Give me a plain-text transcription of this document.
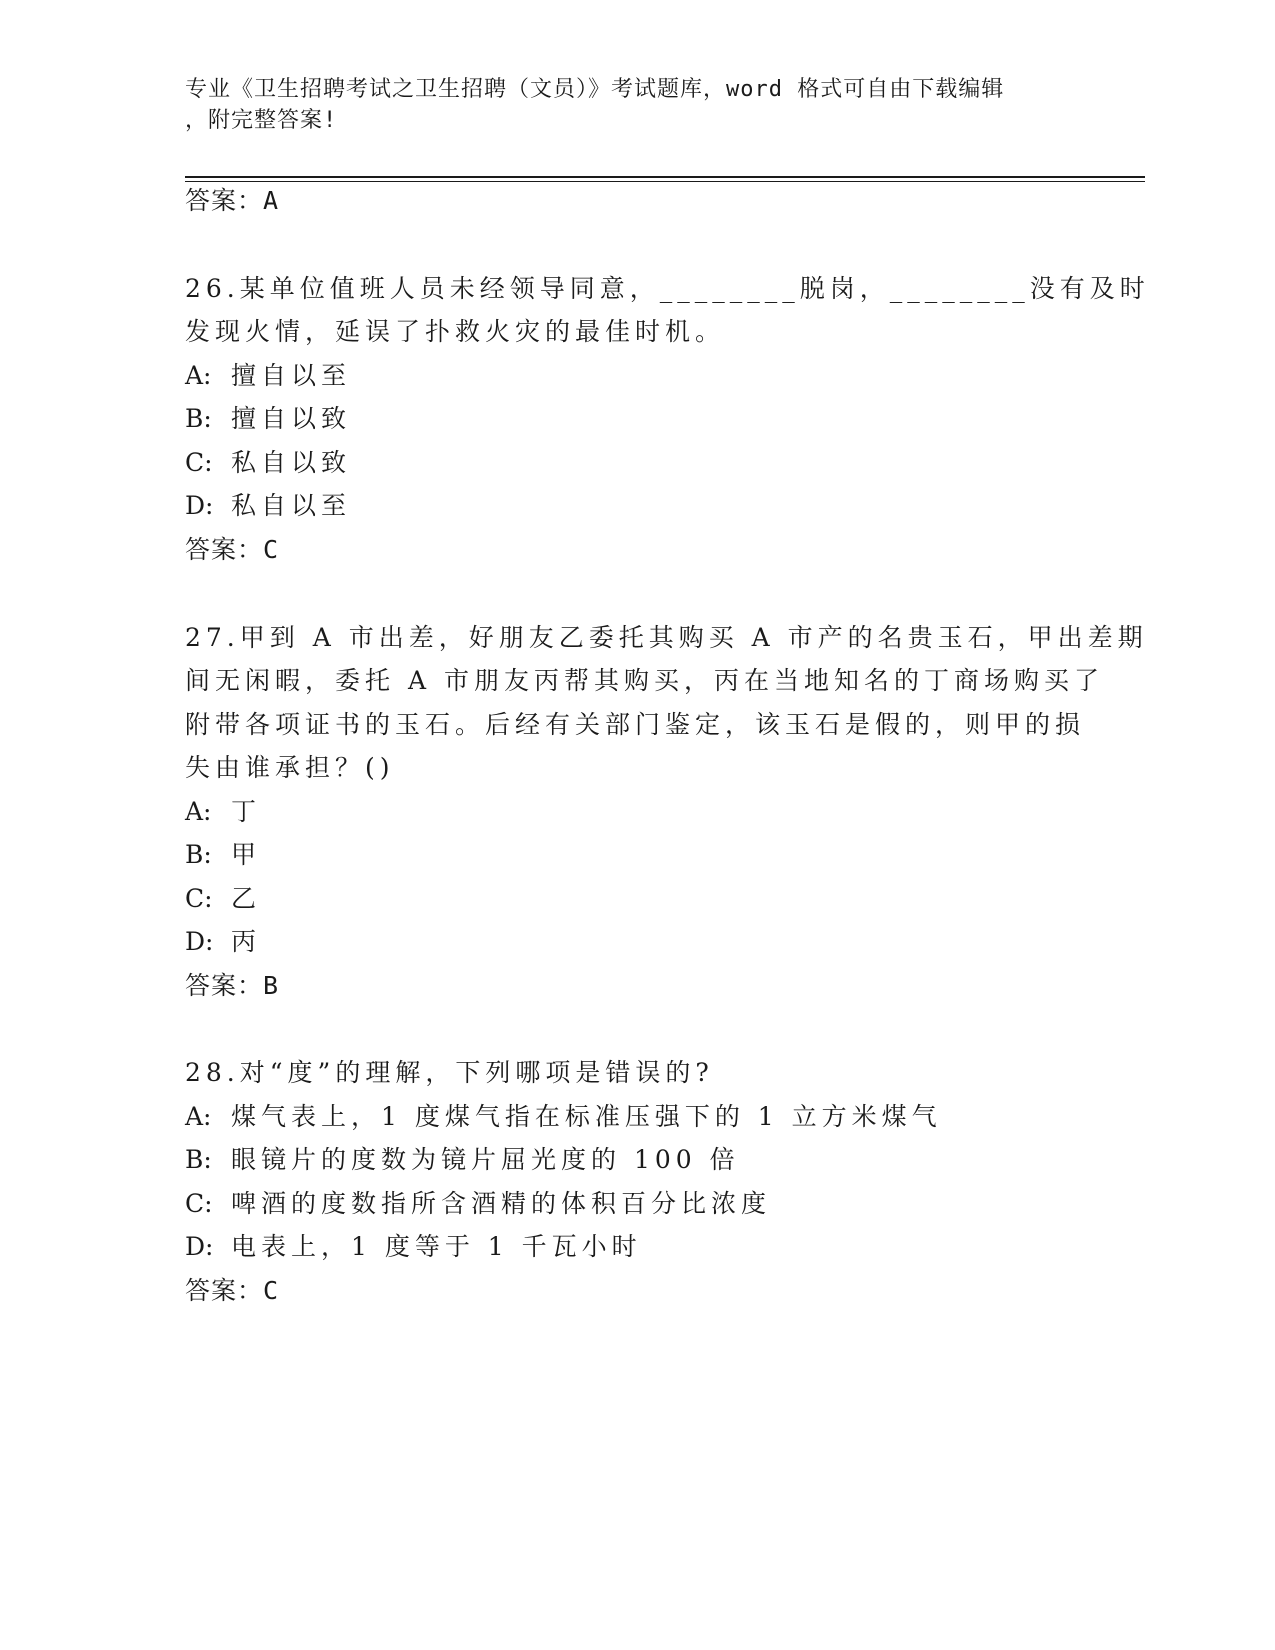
专业《卫生招聘考试之卫生招聘（文员）》考试题库，word 格式可自由下载编辑
，附完整答案!
答案：A
26.某单位值班人员未经领导同意，________脱岗，________没有及时
发现火情，延误了扑救火灾的最佳时机。
A: 擅自以至
B: 擅自以致
C: 私自以致
D: 私自以至
答案：C
27.甲到 A 市出差，好朋友乙委托其购买 A 市产的名贵玉石，甲出差期
间无闲暇，委托 A 市朋友丙帮其购买，丙在当地知名的丁商场购买了
附带各项证书的玉石。后经有关部门鉴定，该玉石是假的，则甲的损
失由谁承担？()
A: 丁
B: 甲
C: 乙
D: 丙
答案：B
28.对“度”的理解，下列哪项是错误的?
A: 煤气表上，1 度煤气指在标准压强下的 1 立方米煤气
B: 眼镜片的度数为镜片屈光度的 100 倍
C: 啤酒的度数指所含酒精的体积百分比浓度
D: 电表上，1 度等于 1 千瓦小时
答案：C
